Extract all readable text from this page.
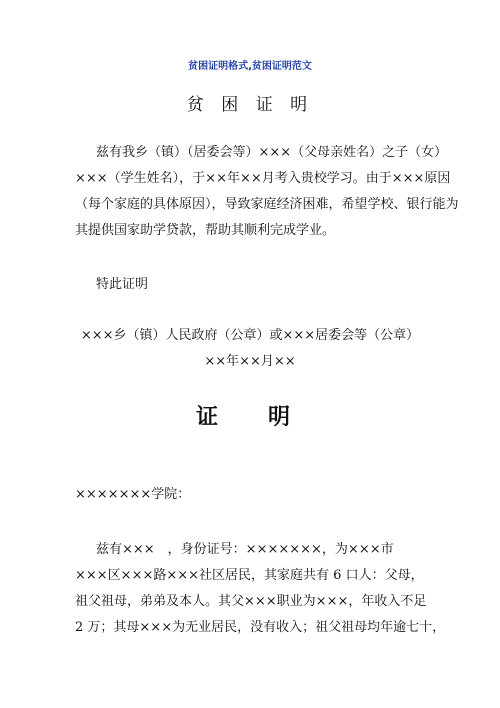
贫困证明格式,贫困证明范文
贫 困 证 明
兹有我乡（镇）（居委会等）×××（父母亲姓名）之子（女）
×××（学生姓名），于××年××月考入贵校学习。由于×××原因
（每个家庭的具体原因），导致家庭经济困难，希望学校、银行能为
其提供国家助学贷款，帮助其顺利完成学业。
特此证明
×××乡（镇）人民政府（公章）或×××居委会等（公章）
××年××月××
证 明
×××××××学院：
兹有×××　，身份证号：×××××××，为×××市
×××区×××路×××社区居民，其家庭共有 6 口人：父母，
祖父祖母，弟弟及本人。其父×××职业为×××，年收入不足
2 万；其母×××为无业居民，没有收入；祖父祖母均年逾七十，
